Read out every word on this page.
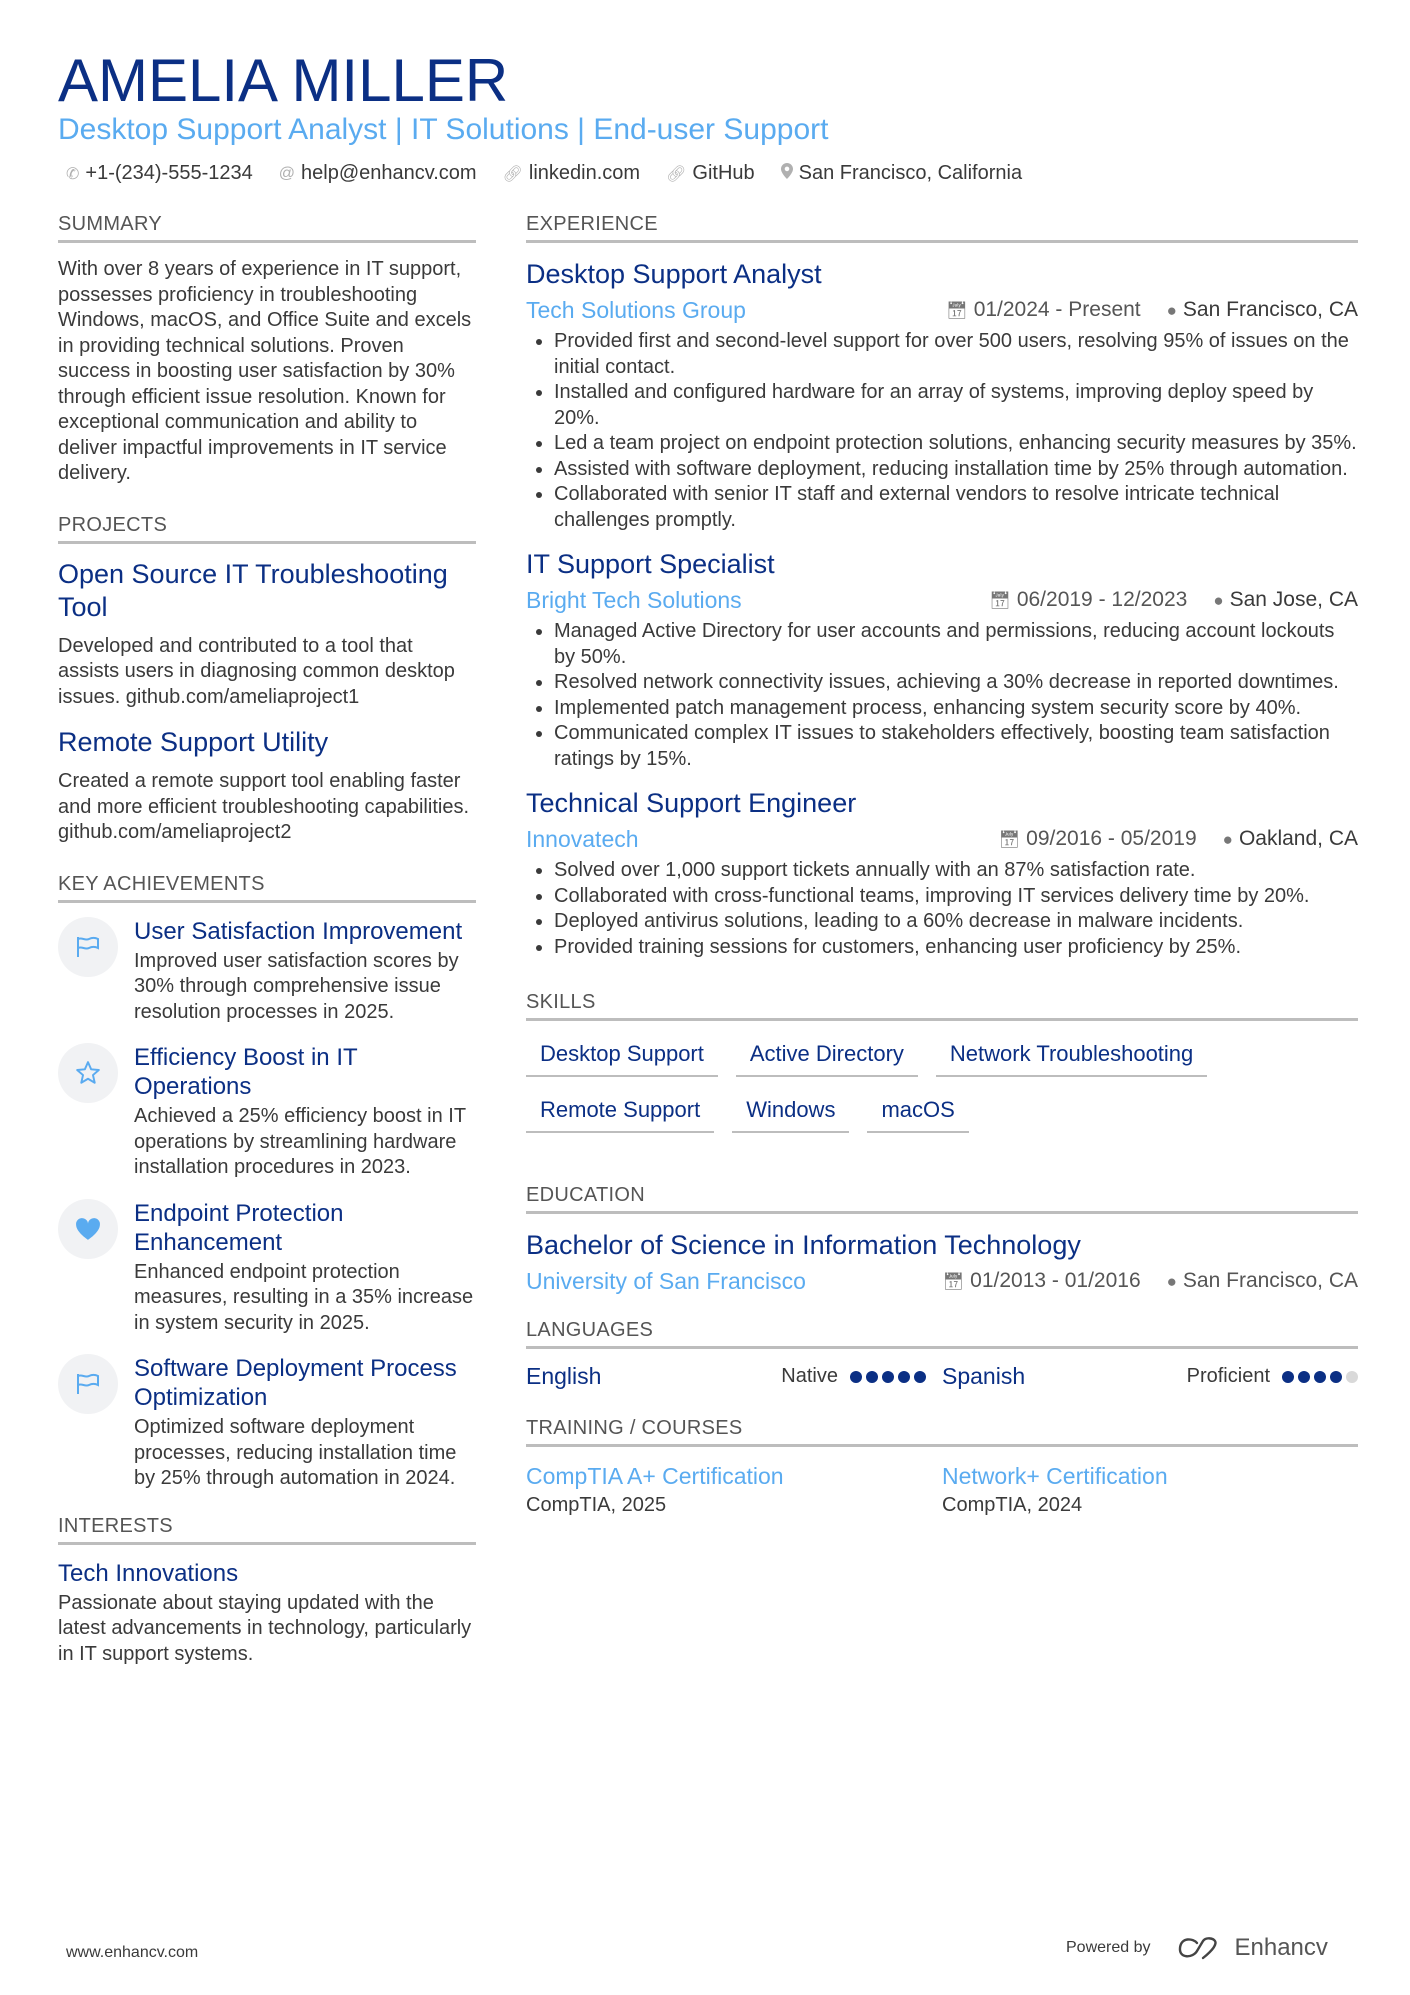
AMELIA MILLER
Desktop Support Analyst | IT Solutions | End-user Support
✆ +1-(234)-555-1234 @ help@enhancv.com 🔗︎ linkedin.com 🔗︎ GitHub San Francisco, California
SUMMARY
With over 8 years of experience in IT support, possesses proficiency in troubleshooting Windows, macOS, and Office Suite and excels in providing technical solutions. Proven success in boosting user satisfaction by 30% through efficient issue resolution. Known for exceptional communication and ability to deliver impactful improvements in IT service delivery.
PROJECTS
Open Source IT Troubleshooting Tool
Developed and contributed to a tool that assists users in diagnosing common desktop issues. github.com/ameliaproject1
Remote Support Utility
Created a remote support tool enabling faster and more efficient troubleshooting capabilities. github.com/ameliaproject2
KEY ACHIEVEMENTS
User Satisfaction Improvement
Improved user satisfaction scores by 30% through comprehensive issue resolution processes in 2025.
Efficiency Boost in IT Operations
Achieved a 25% efficiency boost in IT operations by streamlining hardware installation procedures in 2023.
Endpoint Protection Enhancement
Enhanced endpoint protection measures, resulting in a 35% increase in system security in 2025.
Software Deployment Process Optimization
Optimized software deployment processes, reducing installation time by 25% through automation in 2024.
INTERESTS
Tech Innovations
Passionate about staying updated with the latest advancements in technology, particularly in IT support systems.
EXPERIENCE
Desktop Support Analyst
Tech Solutions Group	📅︎ 01/2024 - Present ● San Francisco, CA
• Provided first and second-level support for over 500 users, resolving 95% of issues on the initial contact.
• Installed and configured hardware for an array of systems, improving deploy speed by 20%.
• Led a team project on endpoint protection solutions, enhancing security measures by 35%.
• Assisted with software deployment, reducing installation time by 25% through automation.
• Collaborated with senior IT staff and external vendors to resolve intricate technical challenges promptly.
IT Support Specialist
Bright Tech Solutions	📅︎ 06/2019 - 12/2023 ● San Jose, CA
• Managed Active Directory for user accounts and permissions, reducing account lockouts by 50%.
• Resolved network connectivity issues, achieving a 30% decrease in reported downtimes.
• Implemented patch management process, enhancing system security score by 40%.
• Communicated complex IT issues to stakeholders effectively, boosting team satisfaction ratings by 15%.
Technical Support Engineer
Innovatech	📅︎ 09/2016 - 05/2019 ● Oakland, CA
• Solved over 1,000 support tickets annually with an 87% satisfaction rate.
• Collaborated with cross-functional teams, improving IT services delivery time by 20%.
• Deployed antivirus solutions, leading to a 60% decrease in malware incidents.
• Provided training sessions for customers, enhancing user proficiency by 25%.
SKILLS
Desktop Support	Active Directory	Network Troubleshooting
Remote Support	Windows	macOS
EDUCATION
Bachelor of Science in Information Technology
University of San Francisco	📅︎ 01/2013 - 01/2016 ● San Francisco, CA
LANGUAGES
English	Native	Spanish	Proficient
TRAINING / COURSES
CompTIA A+ Certification
CompTIA, 2025
Network+ Certification
CompTIA, 2024
www.enhancv.com	Powered by	Enhancv
